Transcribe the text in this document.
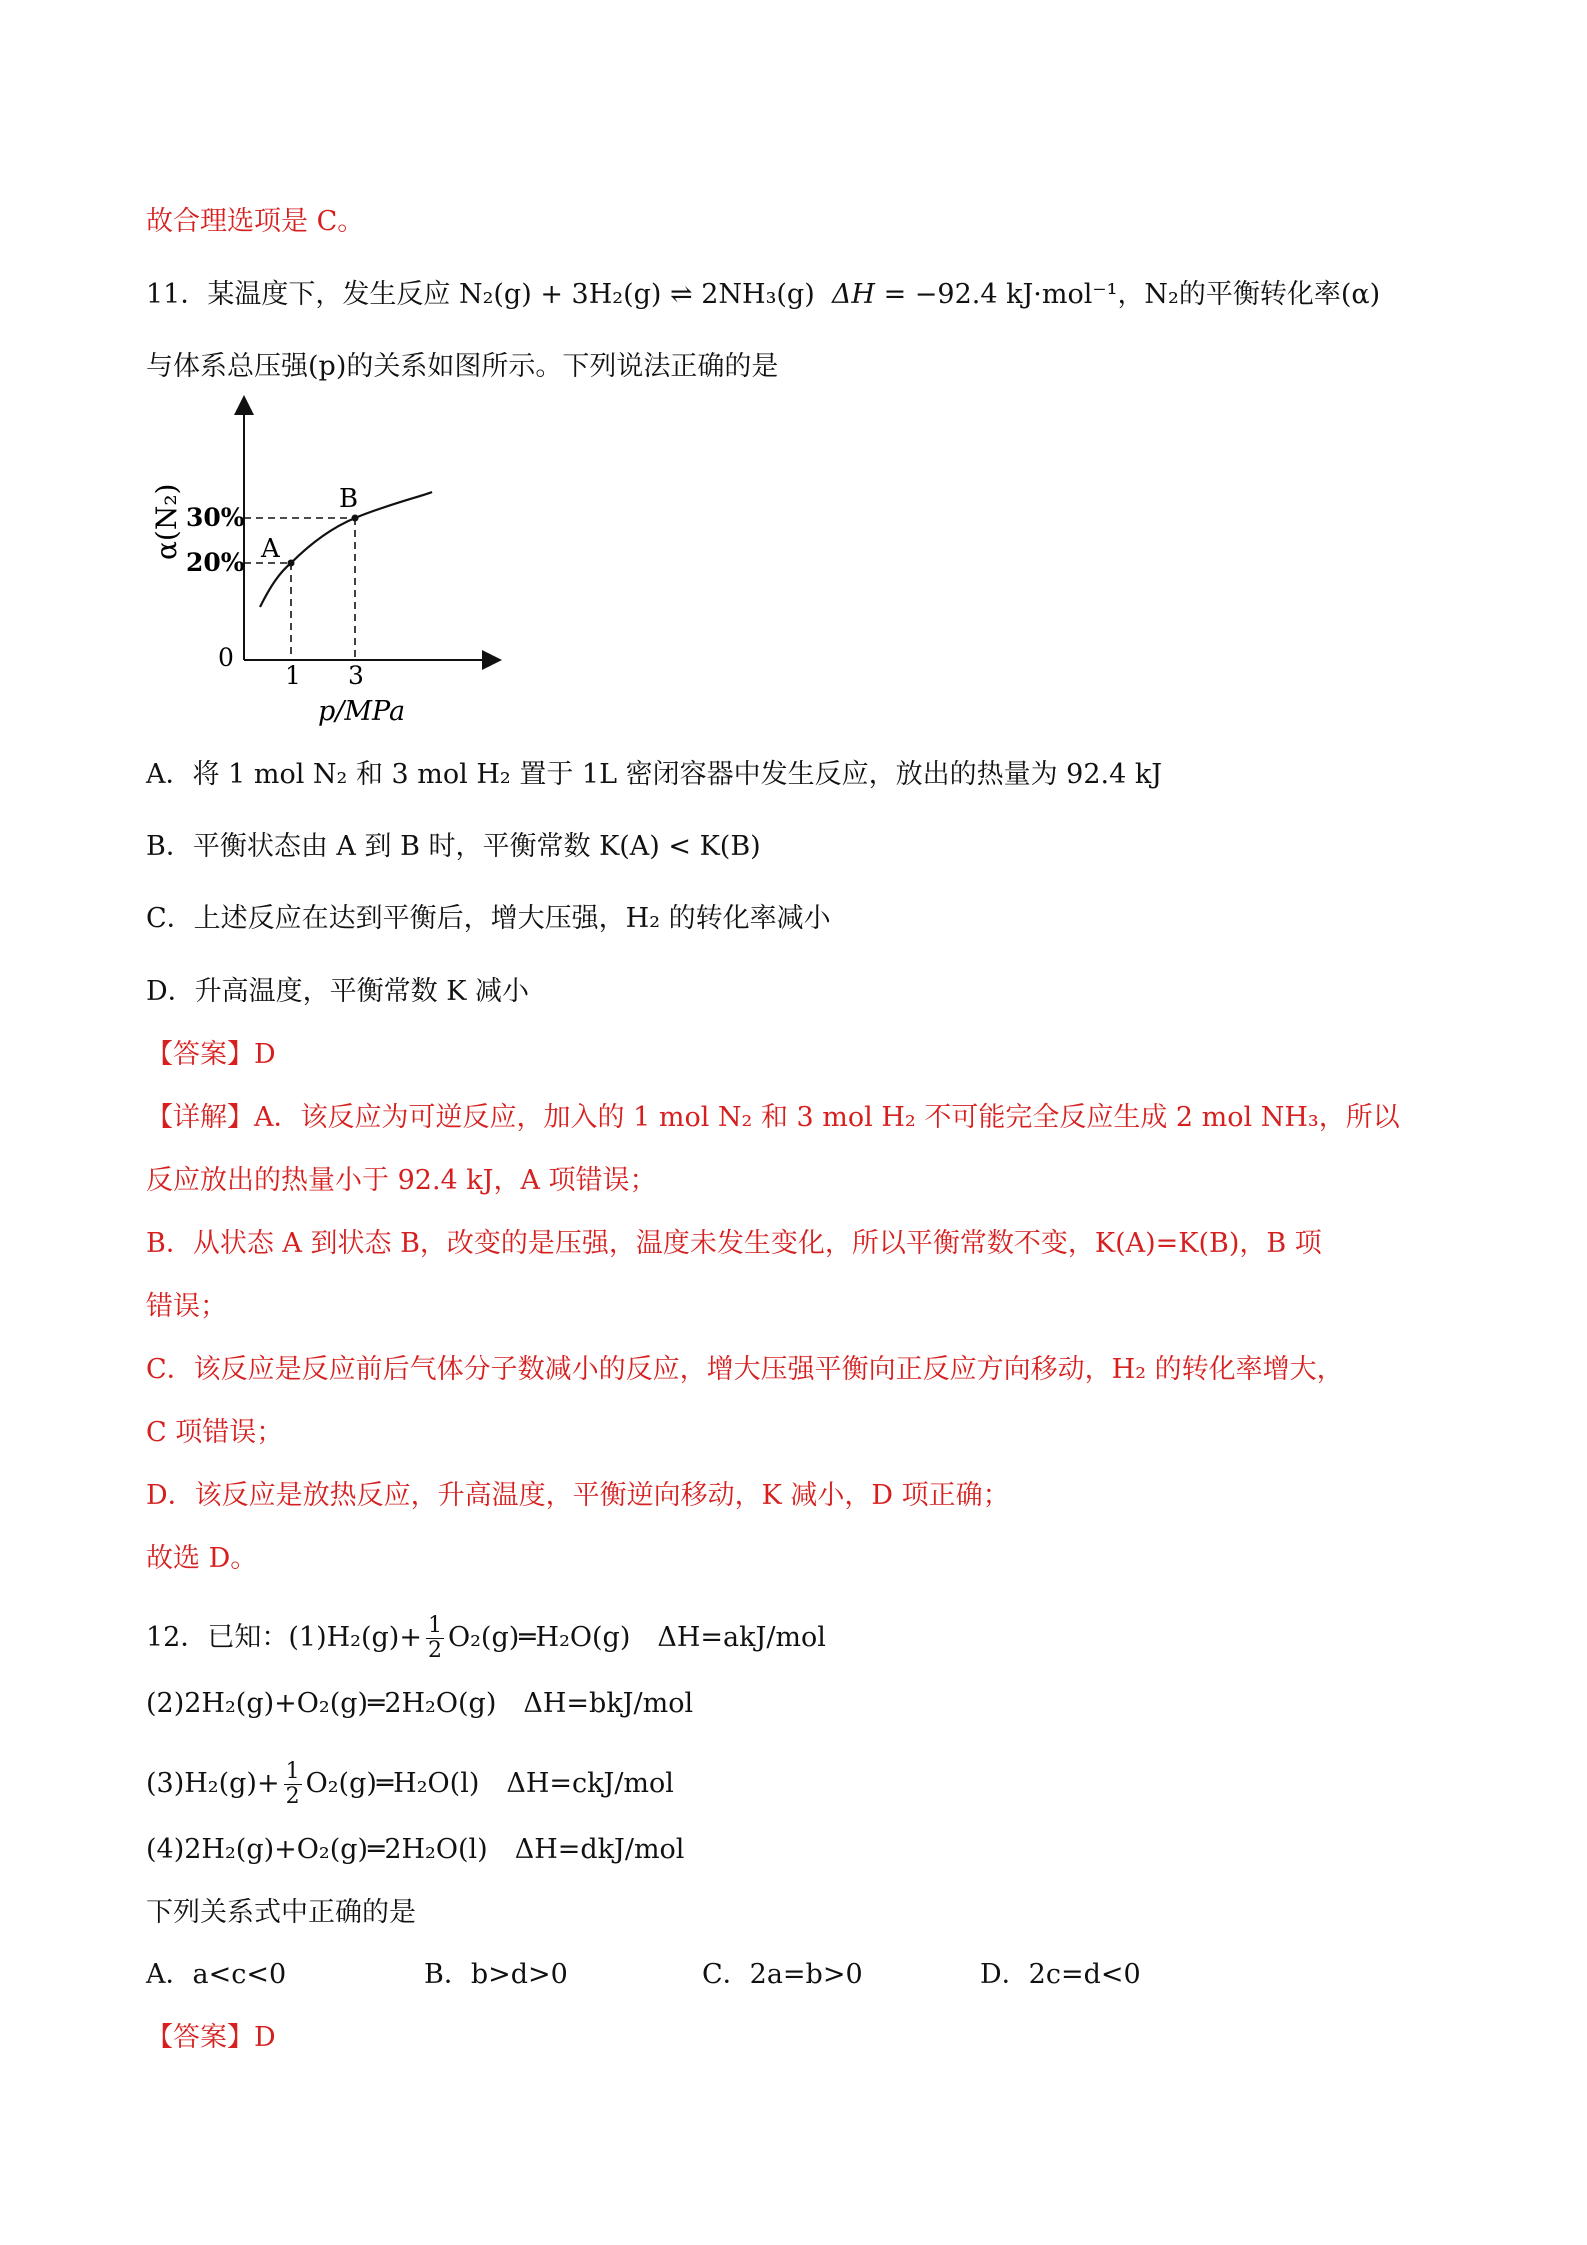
故合理选项是 C。
11．某温度下，发生反应 N₂(g) + 3H₂(g) ⇌ 2NH₃(g) ΔH = −92.4 kJ·mol⁻¹，N₂的平衡转化率(α)
与体系总压强(p)的关系如图所示。下列说法正确的是
A
B
30%
20%
0
1 3
p/MPa
α(N₂)
A．将 1 mol N₂ 和 3 mol H₂ 置于 1L 密闭容器中发生反应，放出的热量为 92.4 kJ
B．平衡状态由 A 到 B 时，平衡常数 K(A) < K(B)
C．上述反应在达到平衡后，增大压强，H₂ 的转化率减小
D．升高温度，平衡常数 K 减小
【答案】D
【详解】A．该反应为可逆反应，加入的 1 mol N₂ 和 3 mol H₂ 不可能完全反应生成 2 mol NH₃，所以
反应放出的热量小于 92.4 kJ，A 项错误；
B．从状态 A 到状态 B，改变的是压强，温度未发生变化，所以平衡常数不变，K(A)=K(B)，B 项
错误；
C．该反应是反应前后气体分子数减小的反应，增大压强平衡向正反应方向移动，H₂ 的转化率增大，
C 项错误；
D．该反应是放热反应，升高温度，平衡逆向移动，K 减小，D 项正确；
故选 D。
12．已知：$(1)H_2(g)+ \frac{1}{2}$ O₂(g)═H₂O(g)　ΔH=akJ/mol
(2)2H₂(g)+O₂(g)═2H₂O(g)　ΔH=bkJ/mol
$(3)H_2(g)+ \frac{1}{2}$ O₂(g)═H₂O(l)　ΔH=ckJ/mol
(4)2H₂(g)+O₂(g)═2H₂O(l)　ΔH=dkJ/mol
下列关系式中正确的是
A．a<c<0	B．b>d>0	C．2a=b>0	D．2c=d<0
【答案】D
